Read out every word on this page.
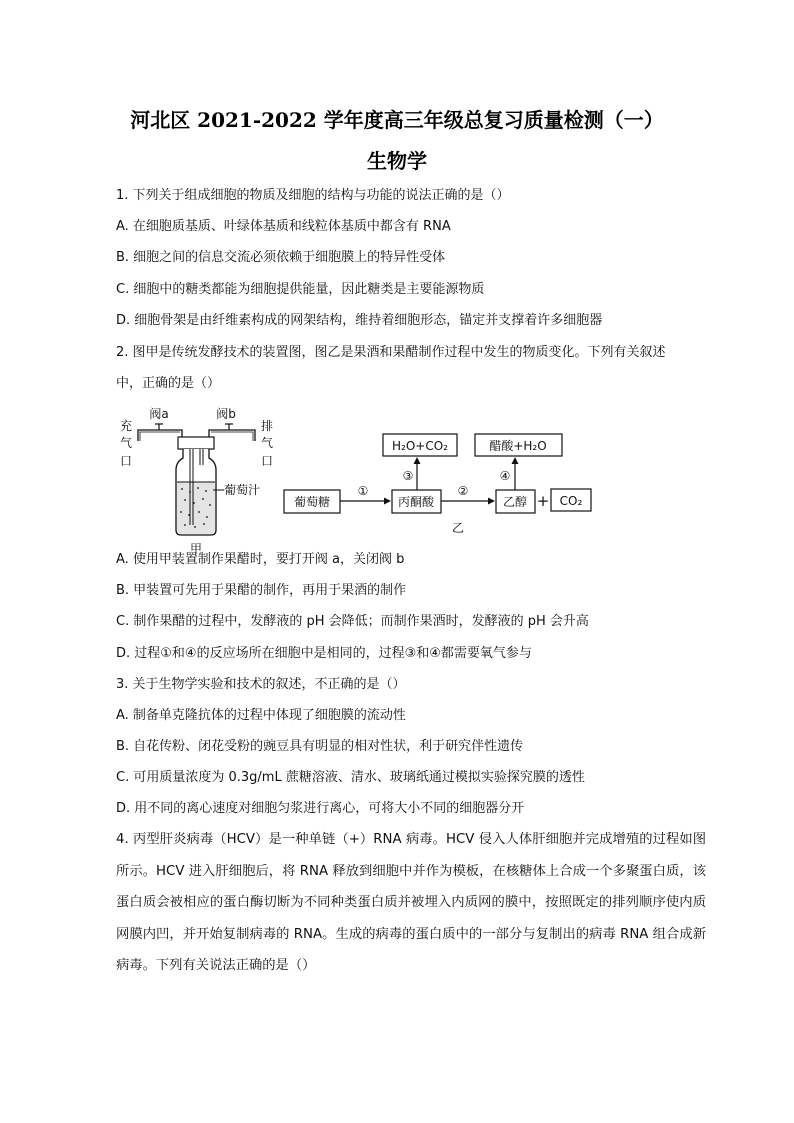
河北区 2021-2022 学年度高三年级总复习质量检测（一）
生物学
1. 下列关于组成细胞的物质及细胞的结构与功能的说法正确的是（）
A. 在细胞质基质、叶绿体基质和线粒体基质中都含有 RNA
B. 细胞之间的信息交流必须依赖于细胞膜上的特异性受体
C. 细胞中的糖类都能为细胞提供能量，因此糖类是主要能源物质
D. 细胞骨架是由纤维素构成的网架结构，维持着细胞形态，锚定并支撑着许多细胞器
2. 图甲是传统发酵技术的装置图，图乙是果酒和果醋制作过程中发生的物质变化。下列有关叙述
中，正确的是（）
阀a	阀b
充
气
口
排
气
口
葡萄汁
甲
葡萄糖	丙酮酸	乙醇 + CO₂
H₂O+CO₂	醋酸+H₂O
①	②
③	④
乙
A. 使用甲装置制作果醋时，要打开阀 a，关闭阀 b
B. 甲装置可先用于果醋的制作，再用于果酒的制作
C. 制作果醋的过程中，发酵液的 pH 会降低；而制作果酒时，发酵液的 pH 会升高
D. 过程①和④的反应场所在细胞中是相同的，过程③和④都需要氧气参与
3. 关于生物学实验和技术的叙述，不正确的是（）
A. 制备单克隆抗体的过程中体现了细胞膜的流动性
B. 自花传粉、闭花受粉的豌豆具有明显的相对性状，利于研究伴性遗传
C. 可用质量浓度为 0.3g/mL 蔗糖溶液、清水、玻璃纸通过模拟实验探究膜的透性
D. 用不同的离心速度对细胞匀浆进行离心，可将大小不同的细胞器分开
4. 丙型肝炎病毒（HCV）是一种单链（+）RNA 病毒。HCV 侵入人体肝细胞并完成增殖的过程如图所示。HCV 进入肝细胞后，将 RNA 释放到细胞中并作为模板，在核糖体上合成一个多聚蛋白质，该蛋白质会被相应的蛋白酶切断为不同种类蛋白质并被埋入内质网的膜中，按照既定的排列顺序使内质网膜内凹，并开始复制病毒的 RNA。生成的病毒的蛋白质中的一部分与复制出的病毒 RNA 组合成新病毒。下列有关说法正确的是（）
